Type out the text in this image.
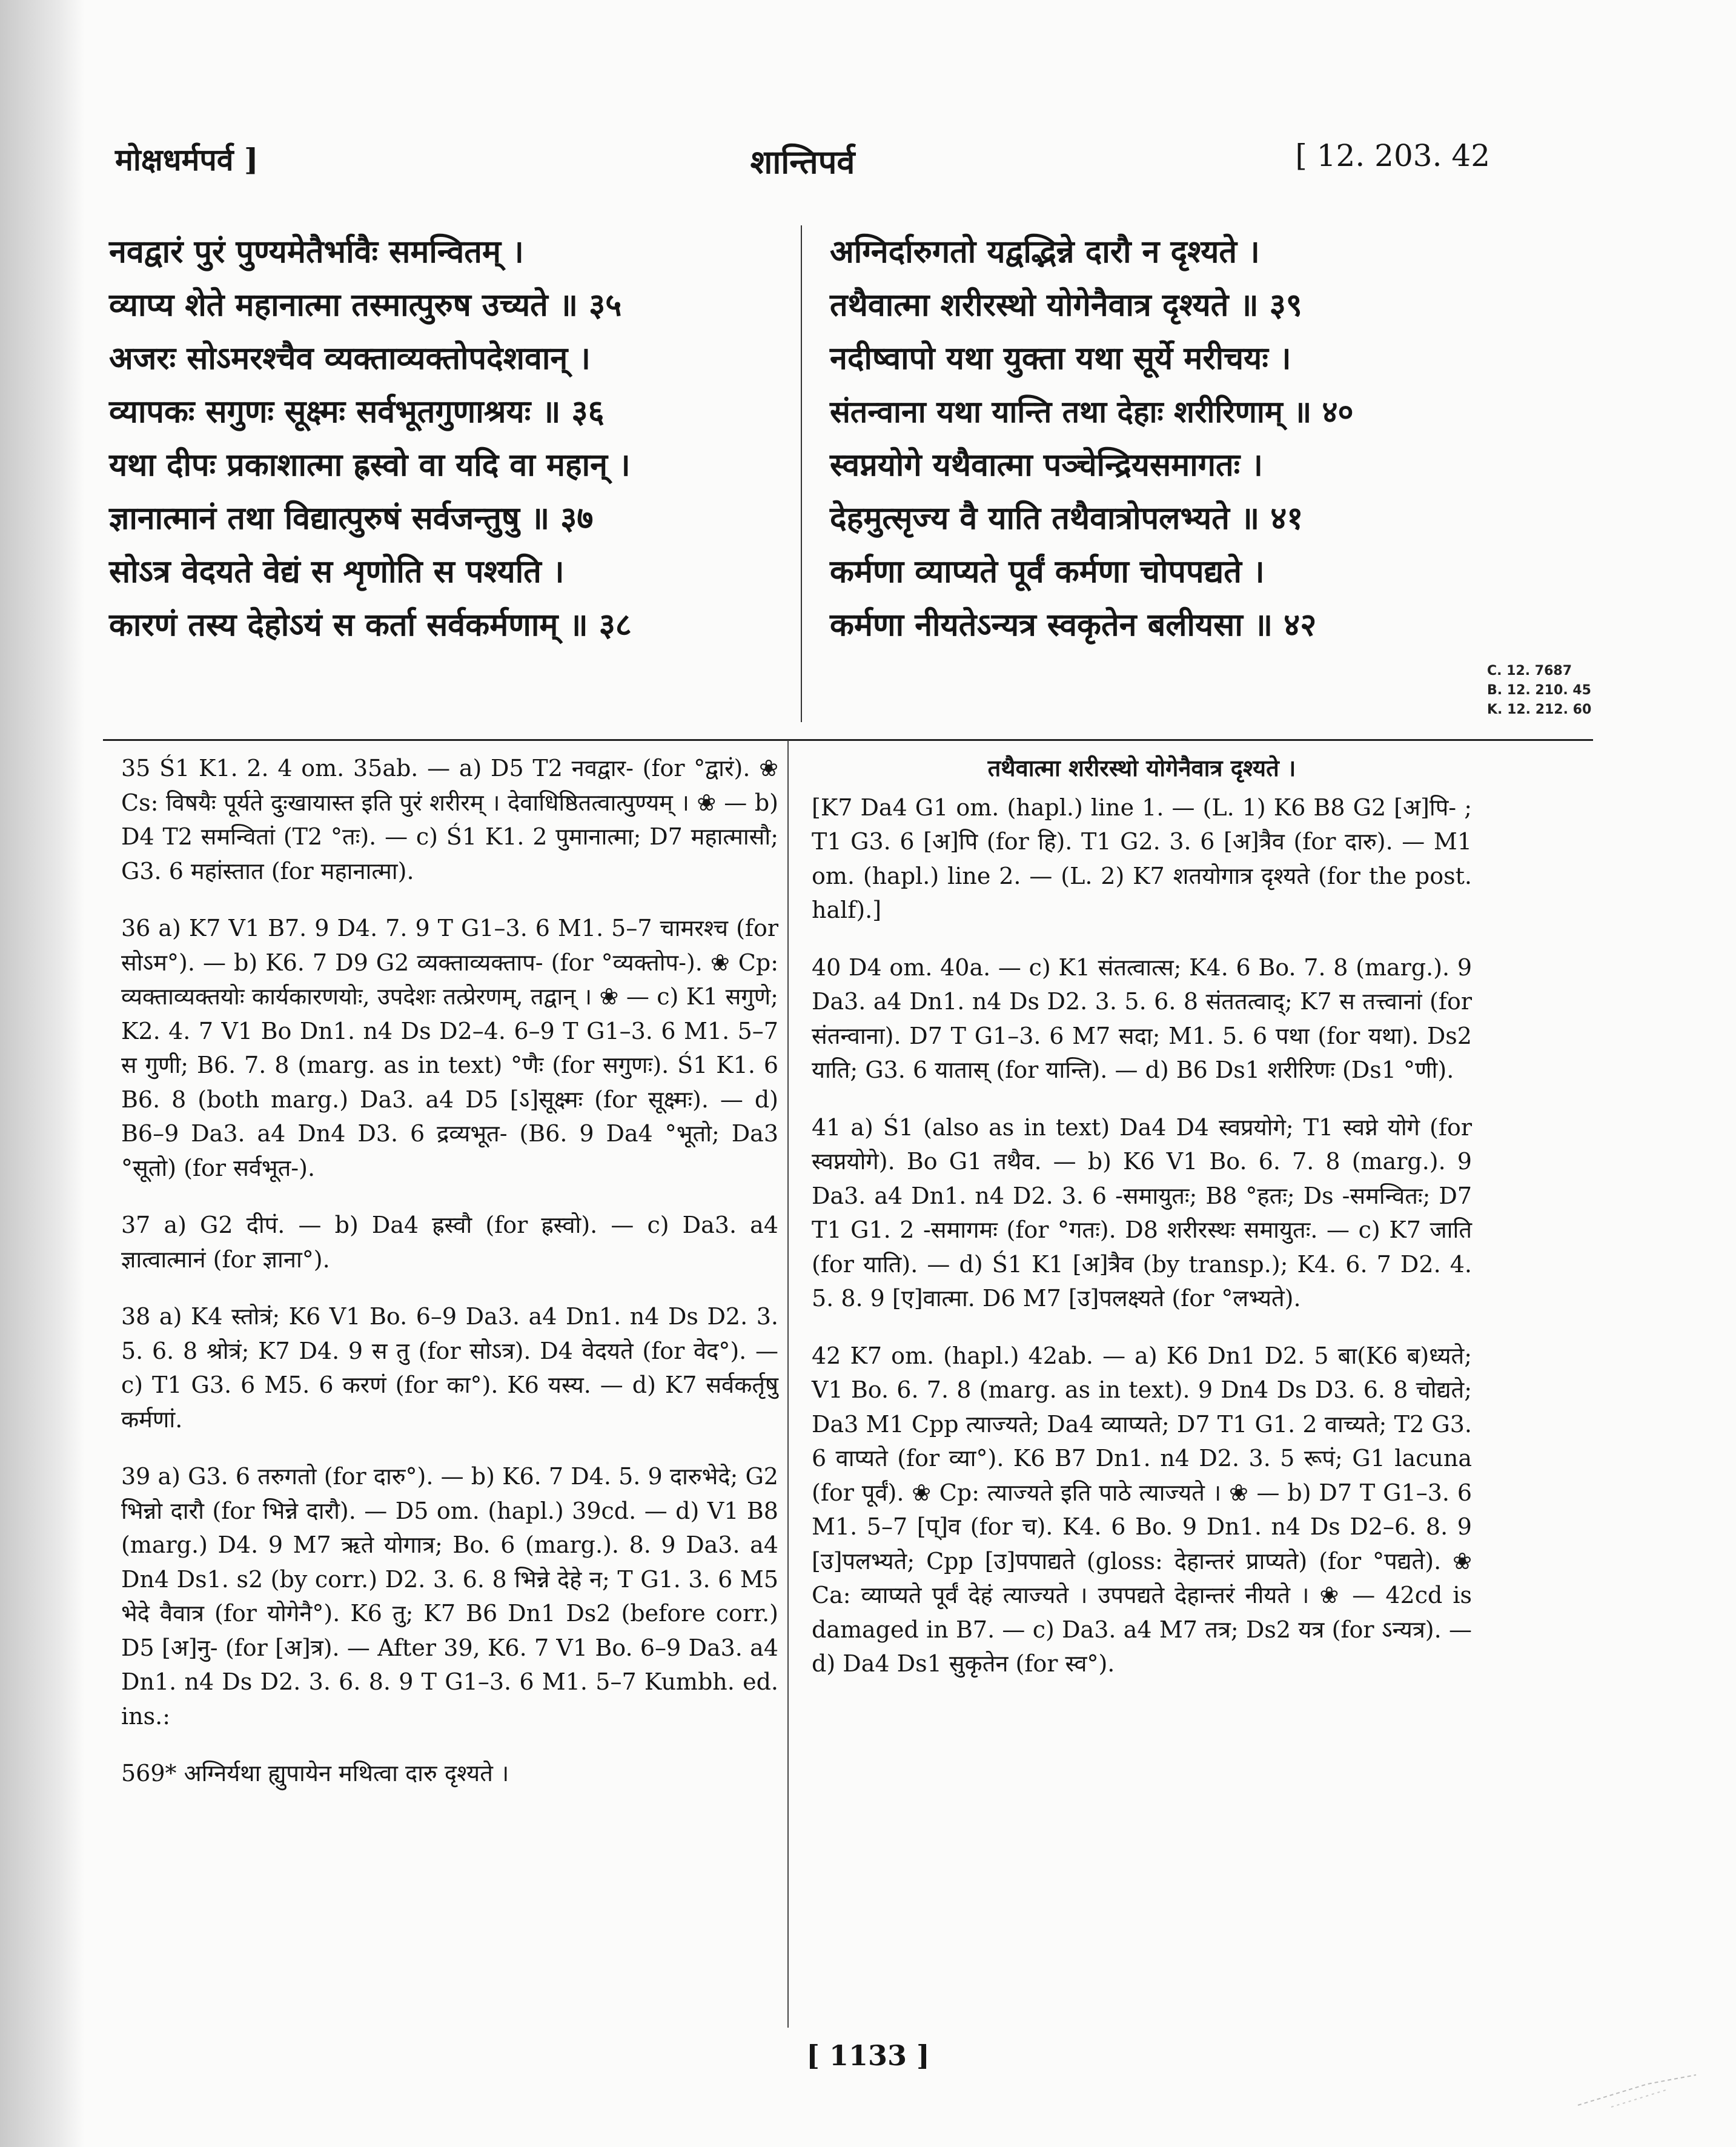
मोक्षधर्मपर्व ]	शान्तिपर्व	[ 12. 203. 42
नवद्वारं पुरं पुण्यमेतैर्भावैः समन्वितम् ।
व्याप्य शेते महानात्मा तस्मात्पुरुष उच्यते ॥ ३५
अजरः सोऽमरश्चैव व्यक्ताव्यक्तोपदेशवान् ।
व्यापकः सगुणः सूक्ष्मः सर्वभूतगुणाश्रयः ॥ ३६
यथा दीपः प्रकाशात्मा ह्रस्वो वा यदि वा महान् ।
ज्ञानात्मानं तथा विद्यात्पुरुषं सर्वजन्तुषु ॥ ३७
सोऽत्र वेदयते वेद्यं स शृणोति स पश्यति ।
कारणं तस्य देहोऽयं स कर्ता सर्वकर्मणाम् ॥ ३८
अग्निर्दारुगतो यद्वद्भिन्ने दारौ न दृश्यते ।
तथैवात्मा शरीरस्थो योगेनैवात्र दृश्यते ॥ ३९
नदीष्वापो यथा युक्ता यथा सूर्ये मरीचयः ।
संतन्वाना यथा यान्ति तथा देहाः शरीरिणाम् ॥ ४०
स्वप्नयोगे यथैवात्मा पञ्चेन्द्रियसमागतः ।
देहमुत्सृज्य वै याति तथैवात्रोपलभ्यते ॥ ४१
कर्मणा व्याप्यते पूर्वं कर्मणा चोपपद्यते ।
कर्मणा नीयतेऽन्यत्र स्वकृतेन बलीयसा ॥ ४२
C. 12. 7687
B. 12. 210. 45
K. 12. 212. 60

35 Ś1 K1. 2. 4 om. 35ab. — a) D5 T2 नवद्वार- (for °द्वारं). ❀ Cs: विषयैः पूर्यते दुःखायास्त इति पुरं शरीरम् । देवाधिष्ठितत्वात्पुण्यम् । ❀ — b) D4 T2 समन्वितां (T2 °तः). — c) Ś1 K1. 2 पुमानात्मा; D7 महात्मासौ; G3. 6 महांस्तात (for महानात्मा).

36 a) K7 V1 B7. 9 D4. 7. 9 T G1–3. 6 M1. 5–7 चामरश्च (for सोऽम°). — b) K6. 7 D9 G2 व्यक्ताव्यक्ताप- (for °व्यक्तोप-). ❀ Cp: व्यक्ताव्यक्तयोः कार्यकारणयोः, उपदेशः तत्प्रेरणम्, तद्वान् । ❀ — c) K1 सगुणे; K2. 4. 7 V1 Bo Dn1. n4 Ds D2–4. 6–9 T G1–3. 6 M1. 5–7 स गुणी; B6. 7. 8 (marg. as in text) °णैः (for सगुणः). Ś1 K1. 6 B6. 8 (both marg.) Da3. a4 D5 [ऽ]सूक्ष्मः (for सूक्ष्मः). — d) B6–9 Da3. a4 Dn4 D3. 6 द्रव्यभूत- (B6. 9 Da4 °भूतो; Da3 °सूतो) (for सर्वभूत-).

37 a) G2 दीपं. — b) Da4 ह्रस्वौ (for ह्रस्वो). — c) Da3. a4 ज्ञात्वात्मानं (for ज्ञाना°).

38 a) K4 स्तोत्रं; K6 V1 Bo. 6–9 Da3. a4 Dn1. n4 Ds D2. 3. 5. 6. 8 श्रोत्रं; K7 D4. 9 स तु (for सोऽत्र). D4 वेदयते (for वेद°). — c) T1 G3. 6 M5. 6 करणं (for का°). K6 यस्य. — d) K7 सर्वकर्तृषु कर्मणां.

39 a) G3. 6 तरुगतो (for दारु°). — b) K6. 7 D4. 5. 9 दारुभेदे; G2 भिन्नो दारौ (for भिन्ने दारौ). — D5 om. (hapl.) 39cd. — d) V1 B8 (marg.) D4. 9 M7 ऋते योगात्र; Bo. 6 (marg.). 8. 9 Da3. a4 Dn4 Ds1. s2 (by corr.) D2. 3. 6. 8 भिन्ने देहे न; T G1. 3. 6 M5 भेदे वैवात्र (for योगेनै°). K6 तु; K7 B6 Dn1 Ds2 (before corr.) D5 [अ]नु- (for [अ]त्र). — After 39, K6. 7 V1 Bo. 6–9 Da3. a4 Dn1. n4 Ds D2. 3. 6. 8. 9 T G1–3. 6 M1. 5–7 Kumbh. ed. ins.:

569* अग्निर्यथा ह्युपायेन मथित्वा दारु दृश्यते ।

तथैवात्मा शरीरस्थो योगेनैवात्र दृश्यते ।

[K7 Da4 G1 om. (hapl.) line 1. — (L. 1) K6 B8 G2 [अ]पि- ; T1 G3. 6 [अ]पि (for हि). T1 G2. 3. 6 [अ]त्रैव (for दारु). — M1 om. (hapl.) line 2. — (L. 2) K7 शतयोगात्र दृश्यते (for the post. half).]

40 D4 om. 40a. — c) K1 संतत्वात्स; K4. 6 Bo. 7. 8 (marg.). 9 Da3. a4 Dn1. n4 Ds D2. 3. 5. 6. 8 संततत्वाद्; K7 स तत्त्वानां (for संतन्वाना). D7 T G1–3. 6 M7 सदा; M1. 5. 6 पथा (for यथा). Ds2 याति; G3. 6 यातास् (for यान्ति). — d) B6 Ds1 शरीरिणः (Ds1 °णी).

41 a) Ś1 (also as in text) Da4 D4 स्वप्रयोगे; T1 स्वप्ने योगे (for स्वप्नयोगे). Bo G1 तथैव. — b) K6 V1 Bo. 6. 7. 8 (marg.). 9 Da3. a4 Dn1. n4 D2. 3. 6 -समायुतः; B8 °हतः; Ds -समन्वितः; D7 T1 G1. 2 -समागमः (for °गतः). D8 शरीरस्थः समायुतः. — c) K7 जाति (for याति). — d) Ś1 K1 [अ]त्रैव (by transp.); K4. 6. 7 D2. 4. 5. 8. 9 [ए]वात्मा. D6 M7 [उ]पलक्ष्यते (for °लभ्यते).

42 K7 om. (hapl.) 42ab. — a) K6 Dn1 D2. 5 बा(K6 ब)ध्यते; V1 Bo. 6. 7. 8 (marg. as in text). 9 Dn4 Ds D3. 6. 8 चोद्यते; Da3 M1 Cpp त्याज्यते; Da4 व्याप्यते; D7 T1 G1. 2 वाच्यते; T2 G3. 6 वाप्यते (for व्या°). K6 B7 Dn1. n4 D2. 3. 5 रूपं; G1 lacuna (for पूर्वं). ❀ Cp: त्याज्यते इति पाठे त्याज्यते । ❀ — b) D7 T G1–3. 6 M1. 5–7 [प्]व (for च). K4. 6 Bo. 9 Dn1. n4 Ds D2–6. 8. 9 [उ]पलभ्यते; Cpp [उ]पपाद्यते (gloss: देहान्तरं प्राप्यते) (for °पद्यते). ❀ Ca: व्याप्यते पूर्वं देहं त्याज्यते । उपपद्यते देहान्तरं नीयते । ❀ — 42cd is damaged in B7. — c) Da3. a4 M7 तत्र; Ds2 यत्र (for ऽन्यत्र). — d) Da4 Ds1 सुकृतेन (for स्व°).

[ 1133 ]
